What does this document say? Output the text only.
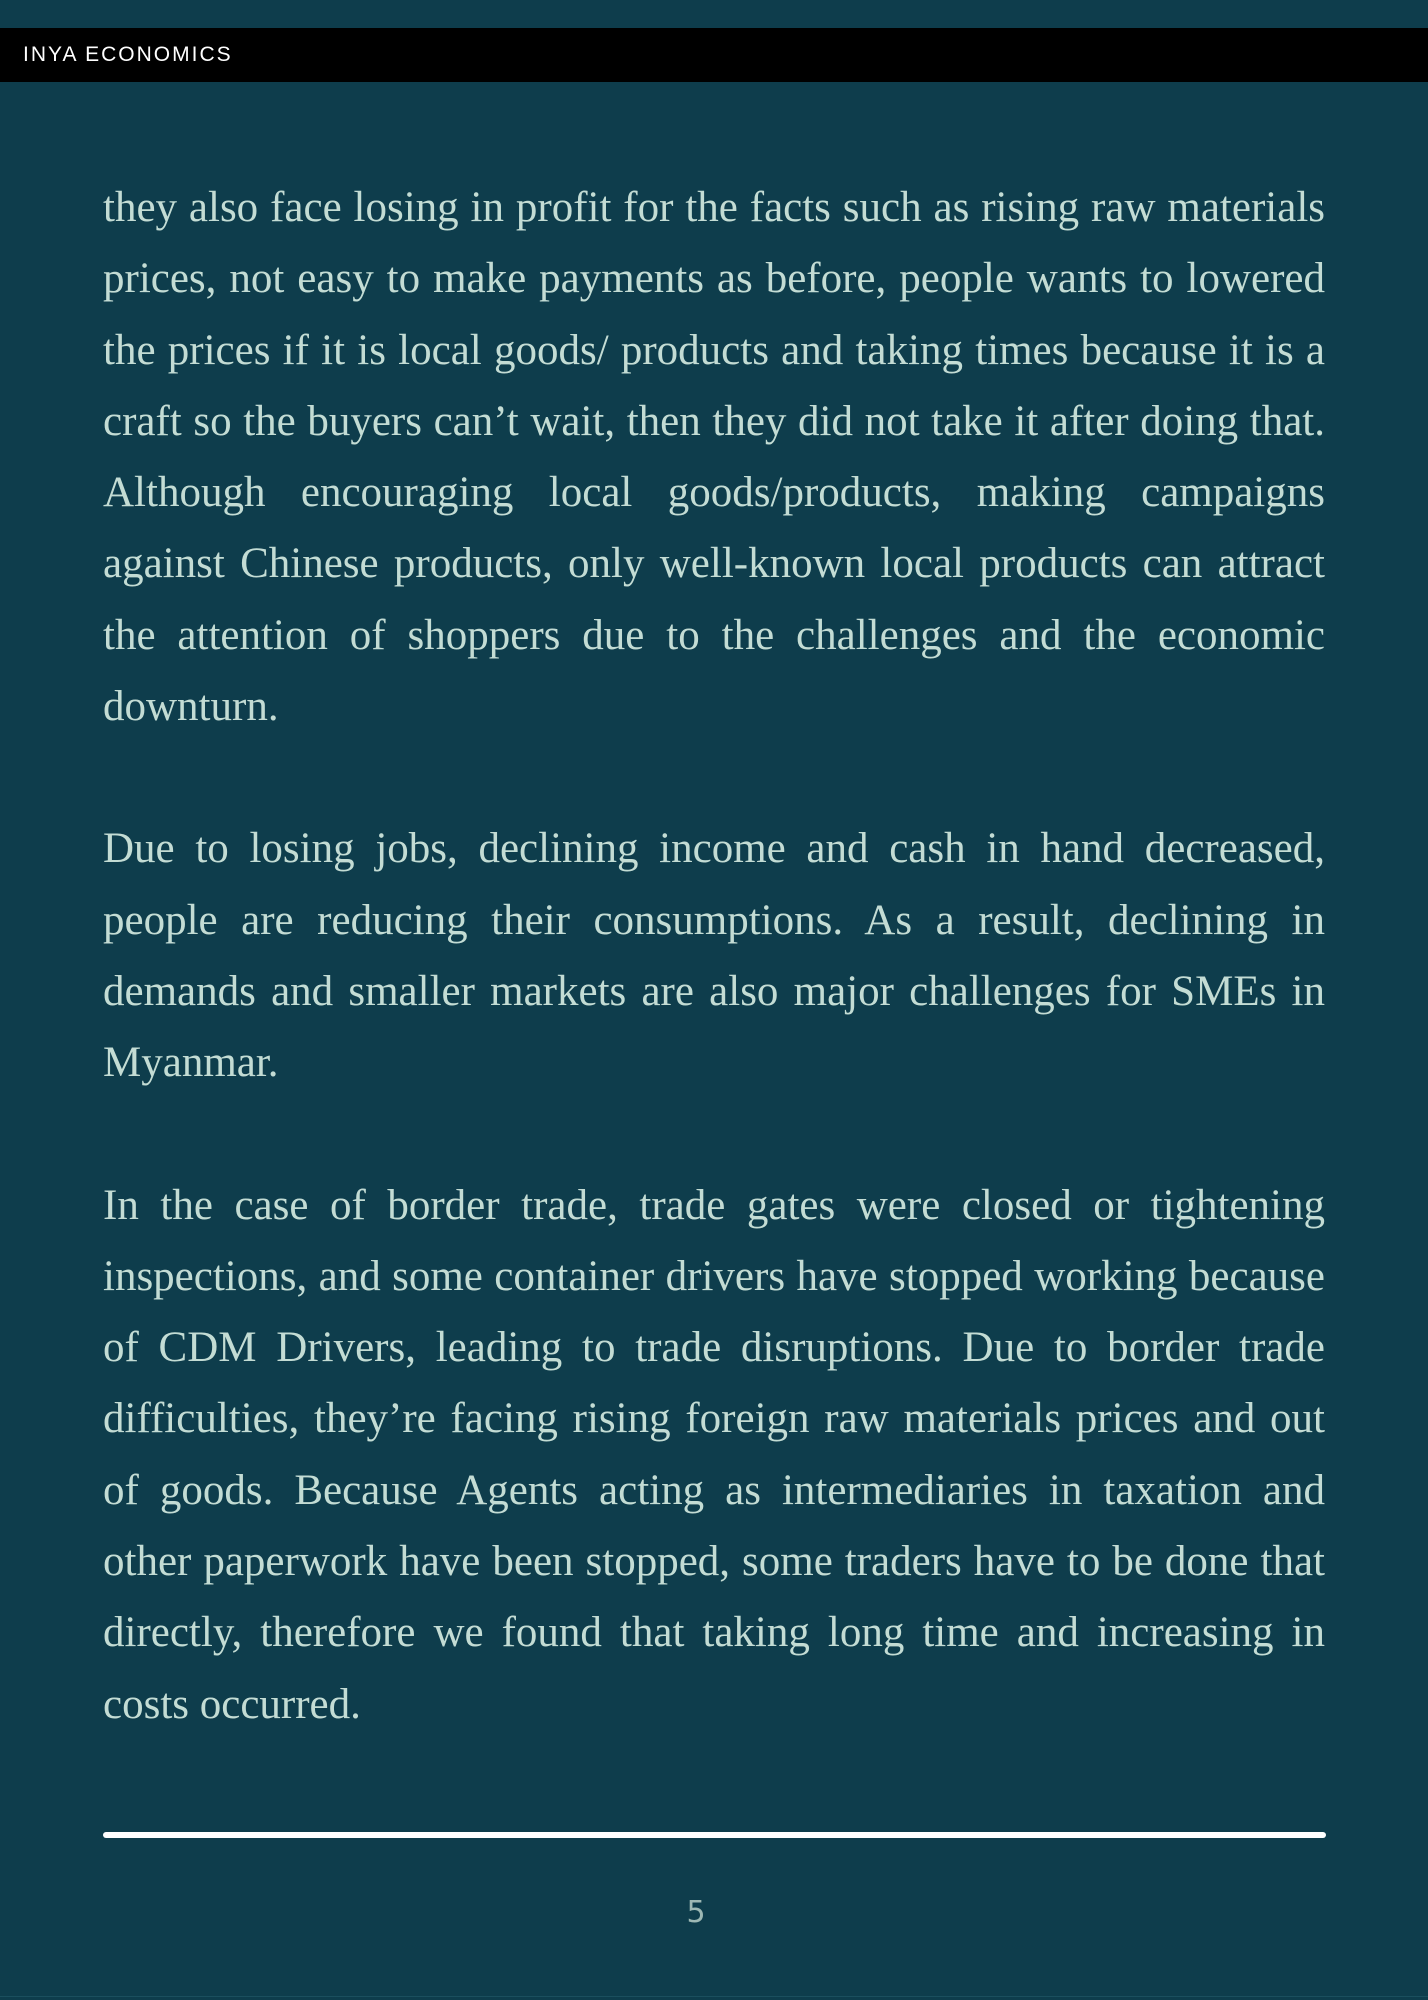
INYA ECONOMICS

they also face losing in profit for the facts such as rising raw materials prices, not easy to make payments as before, people wants to lowered the prices if it is local goods/ products and taking times because it is a craft so the buyers can’t wait, then they did not take it after doing that. Although encouraging local goods/products, making campaigns against Chinese products, only well-known local products can attract the attention of shoppers due to the challenges and the economic downturn.

Due to losing jobs, declining income and cash in hand decreased, people are reducing their consumptions. As a result, declining in demands and smaller markets are also major challenges for SMEs in Myanmar.

In the case of border trade, trade gates were closed or tightening inspections, and some container drivers have stopped working because of CDM Drivers, leading to trade disruptions. Due to border trade difficulties, they’re facing rising foreign raw materials prices and out of goods. Because Agents acting as intermediaries in taxation and other paperwork have been stopped, some traders have to be done that directly, therefore we found that taking long time and increasing in costs occurred.

5
